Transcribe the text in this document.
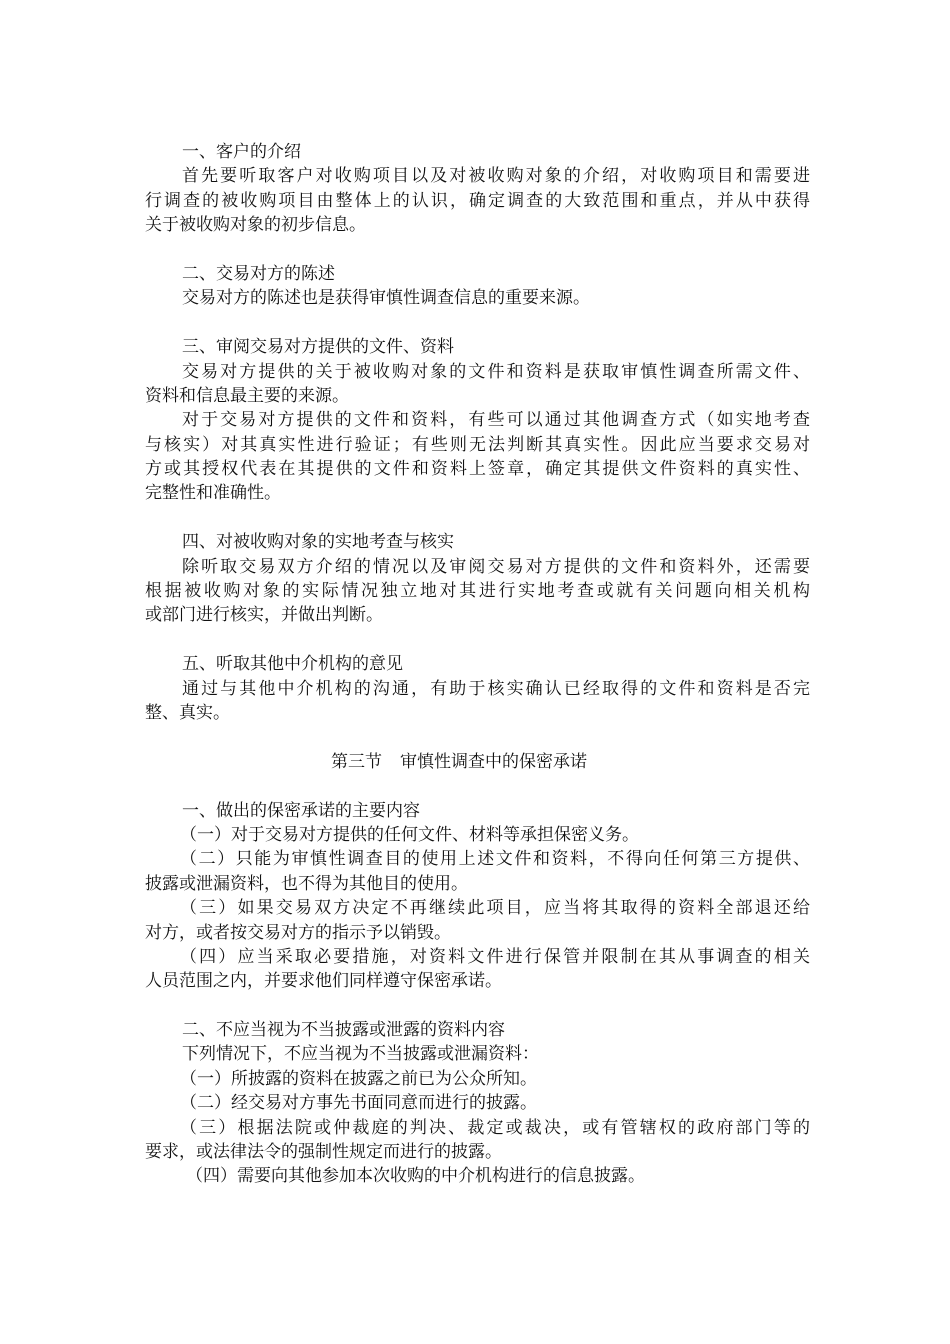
一、客户的介绍
首先要听取客户对收购项目以及对被收购对象的介绍，对收购项目和需要进
行调查的被收购项目由整体上的认识，确定调查的大致范围和重点，并从中获得
关于被收购对象的初步信息。
二、交易对方的陈述
交易对方的陈述也是获得审慎性调查信息的重要来源。
三、审阅交易对方提供的文件、资料
交易对方提供的关于被收购对象的文件和资料是获取审慎性调查所需文件、
资料和信息最主要的来源。
对于交易对方提供的文件和资料，有些可以通过其他调查方式（如实地考查
与核实）对其真实性进行验证；有些则无法判断其真实性。因此应当要求交易对
方或其授权代表在其提供的文件和资料上签章，确定其提供文件资料的真实性、
完整性和准确性。
四、对被收购对象的实地考查与核实
除听取交易双方介绍的情况以及审阅交易对方提供的文件和资料外，还需要
根据被收购对象的实际情况独立地对其进行实地考查或就有关问题向相关机构
或部门进行核实，并做出判断。
五、听取其他中介机构的意见
通过与其他中介机构的沟通，有助于核实确认已经取得的文件和资料是否完
整、真实。
第三节 审慎性调查中的保密承诺
一、做出的保密承诺的主要内容
（一）对于交易对方提供的任何文件、材料等承担保密义务。
（二）只能为审慎性调查目的使用上述文件和资料，不得向任何第三方提供、
披露或泄漏资料，也不得为其他目的使用。
（三）如果交易双方决定不再继续此项目，应当将其取得的资料全部退还给
对方，或者按交易对方的指示予以销毁。
（四）应当采取必要措施，对资料文件进行保管并限制在其从事调查的相关
人员范围之内，并要求他们同样遵守保密承诺。
二、不应当视为不当披露或泄露的资料内容
下列情况下，不应当视为不当披露或泄漏资料：
（一）所披露的资料在披露之前已为公众所知。
（二）经交易对方事先书面同意而进行的披露。
（三）根据法院或仲裁庭的判决、裁定或裁决，或有管辖权的政府部门等的
要求，或法律法令的强制性规定而进行的披露。
（四）需要向其他参加本次收购的中介机构进行的信息披露。
